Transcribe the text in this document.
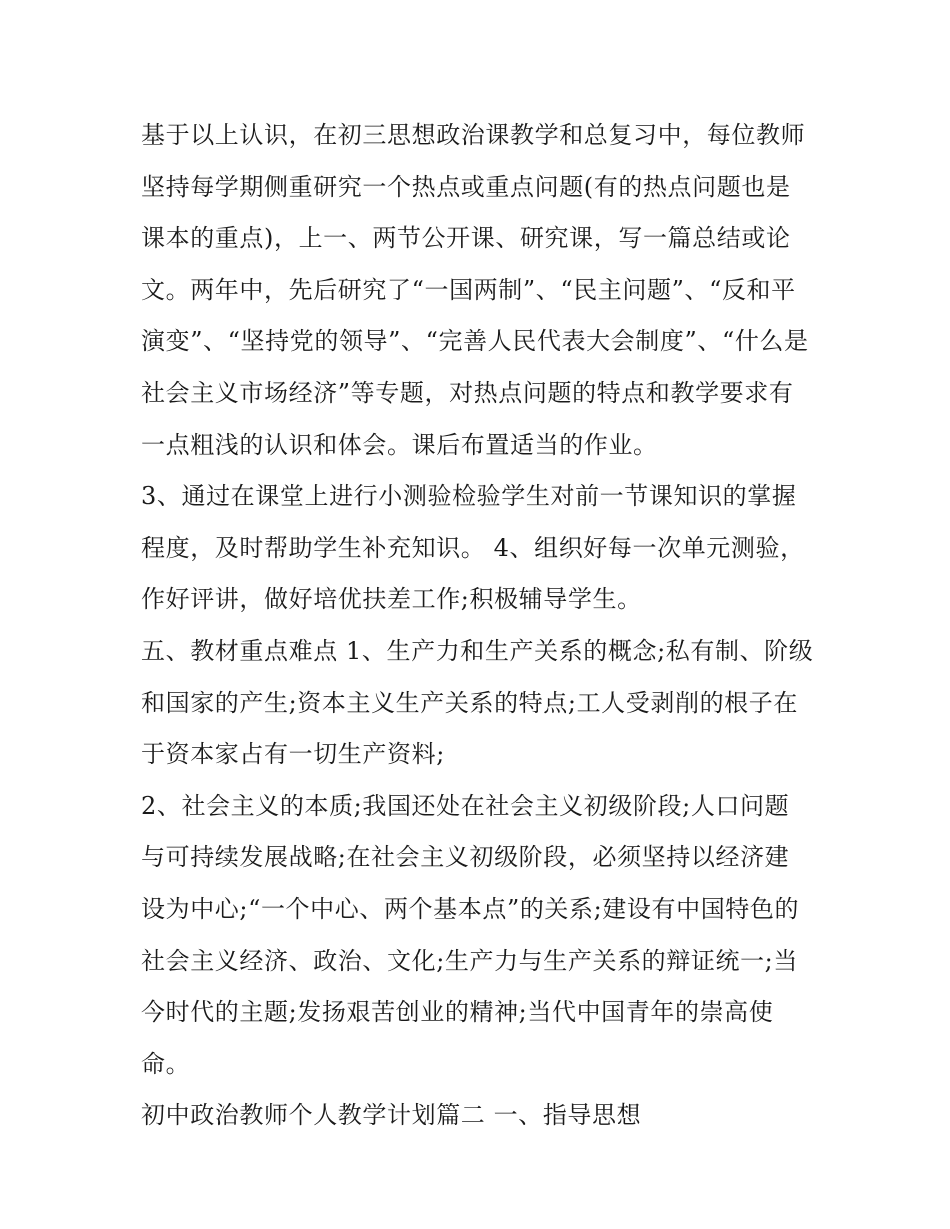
基于以上认识，在初三思想政治课教学和总复习中，每位教师

坚持每学期侧重研究一个热点或重点问题(有的热点问题也是

课本的重点)，上一、两节公开课、研究课，写一篇总结或论

文。两年中，先后研究了“一国两制”、“民主问题”、“反和平

演变”、“坚持党的领导”、“完善人民代表大会制度”、“什么是

社会主义市场经济”等专题，对热点问题的特点和教学要求有

一点粗浅的认识和体会。课后布置适当的作业。

3、通过在课堂上进行小测验检验学生对前一节课知识的掌握

程度，及时帮助学生补充知识。 4、组织好每一次单元测验，

作好评讲，做好培优扶差工作;积极辅导学生。

五、教材重点难点 1、生产力和生产关系的概念;私有制、阶级

和国家的产生;资本主义生产关系的特点;工人受剥削的根子在

于资本家占有一切生产资料;

2、社会主义的本质;我国还处在社会主义初级阶段;人口问题

与可持续发展战略;在社会主义初级阶段，必须坚持以经济建

设为中心;“一个中心、两个基本点”的关系;建设有中国特色的

社会主义经济、政治、文化;生产力与生产关系的辩证统一;当

今时代的主题;发扬艰苦创业的精神;当代中国青年的崇高使

命。

初中政治教师个人教学计划篇二 一、指导思想
